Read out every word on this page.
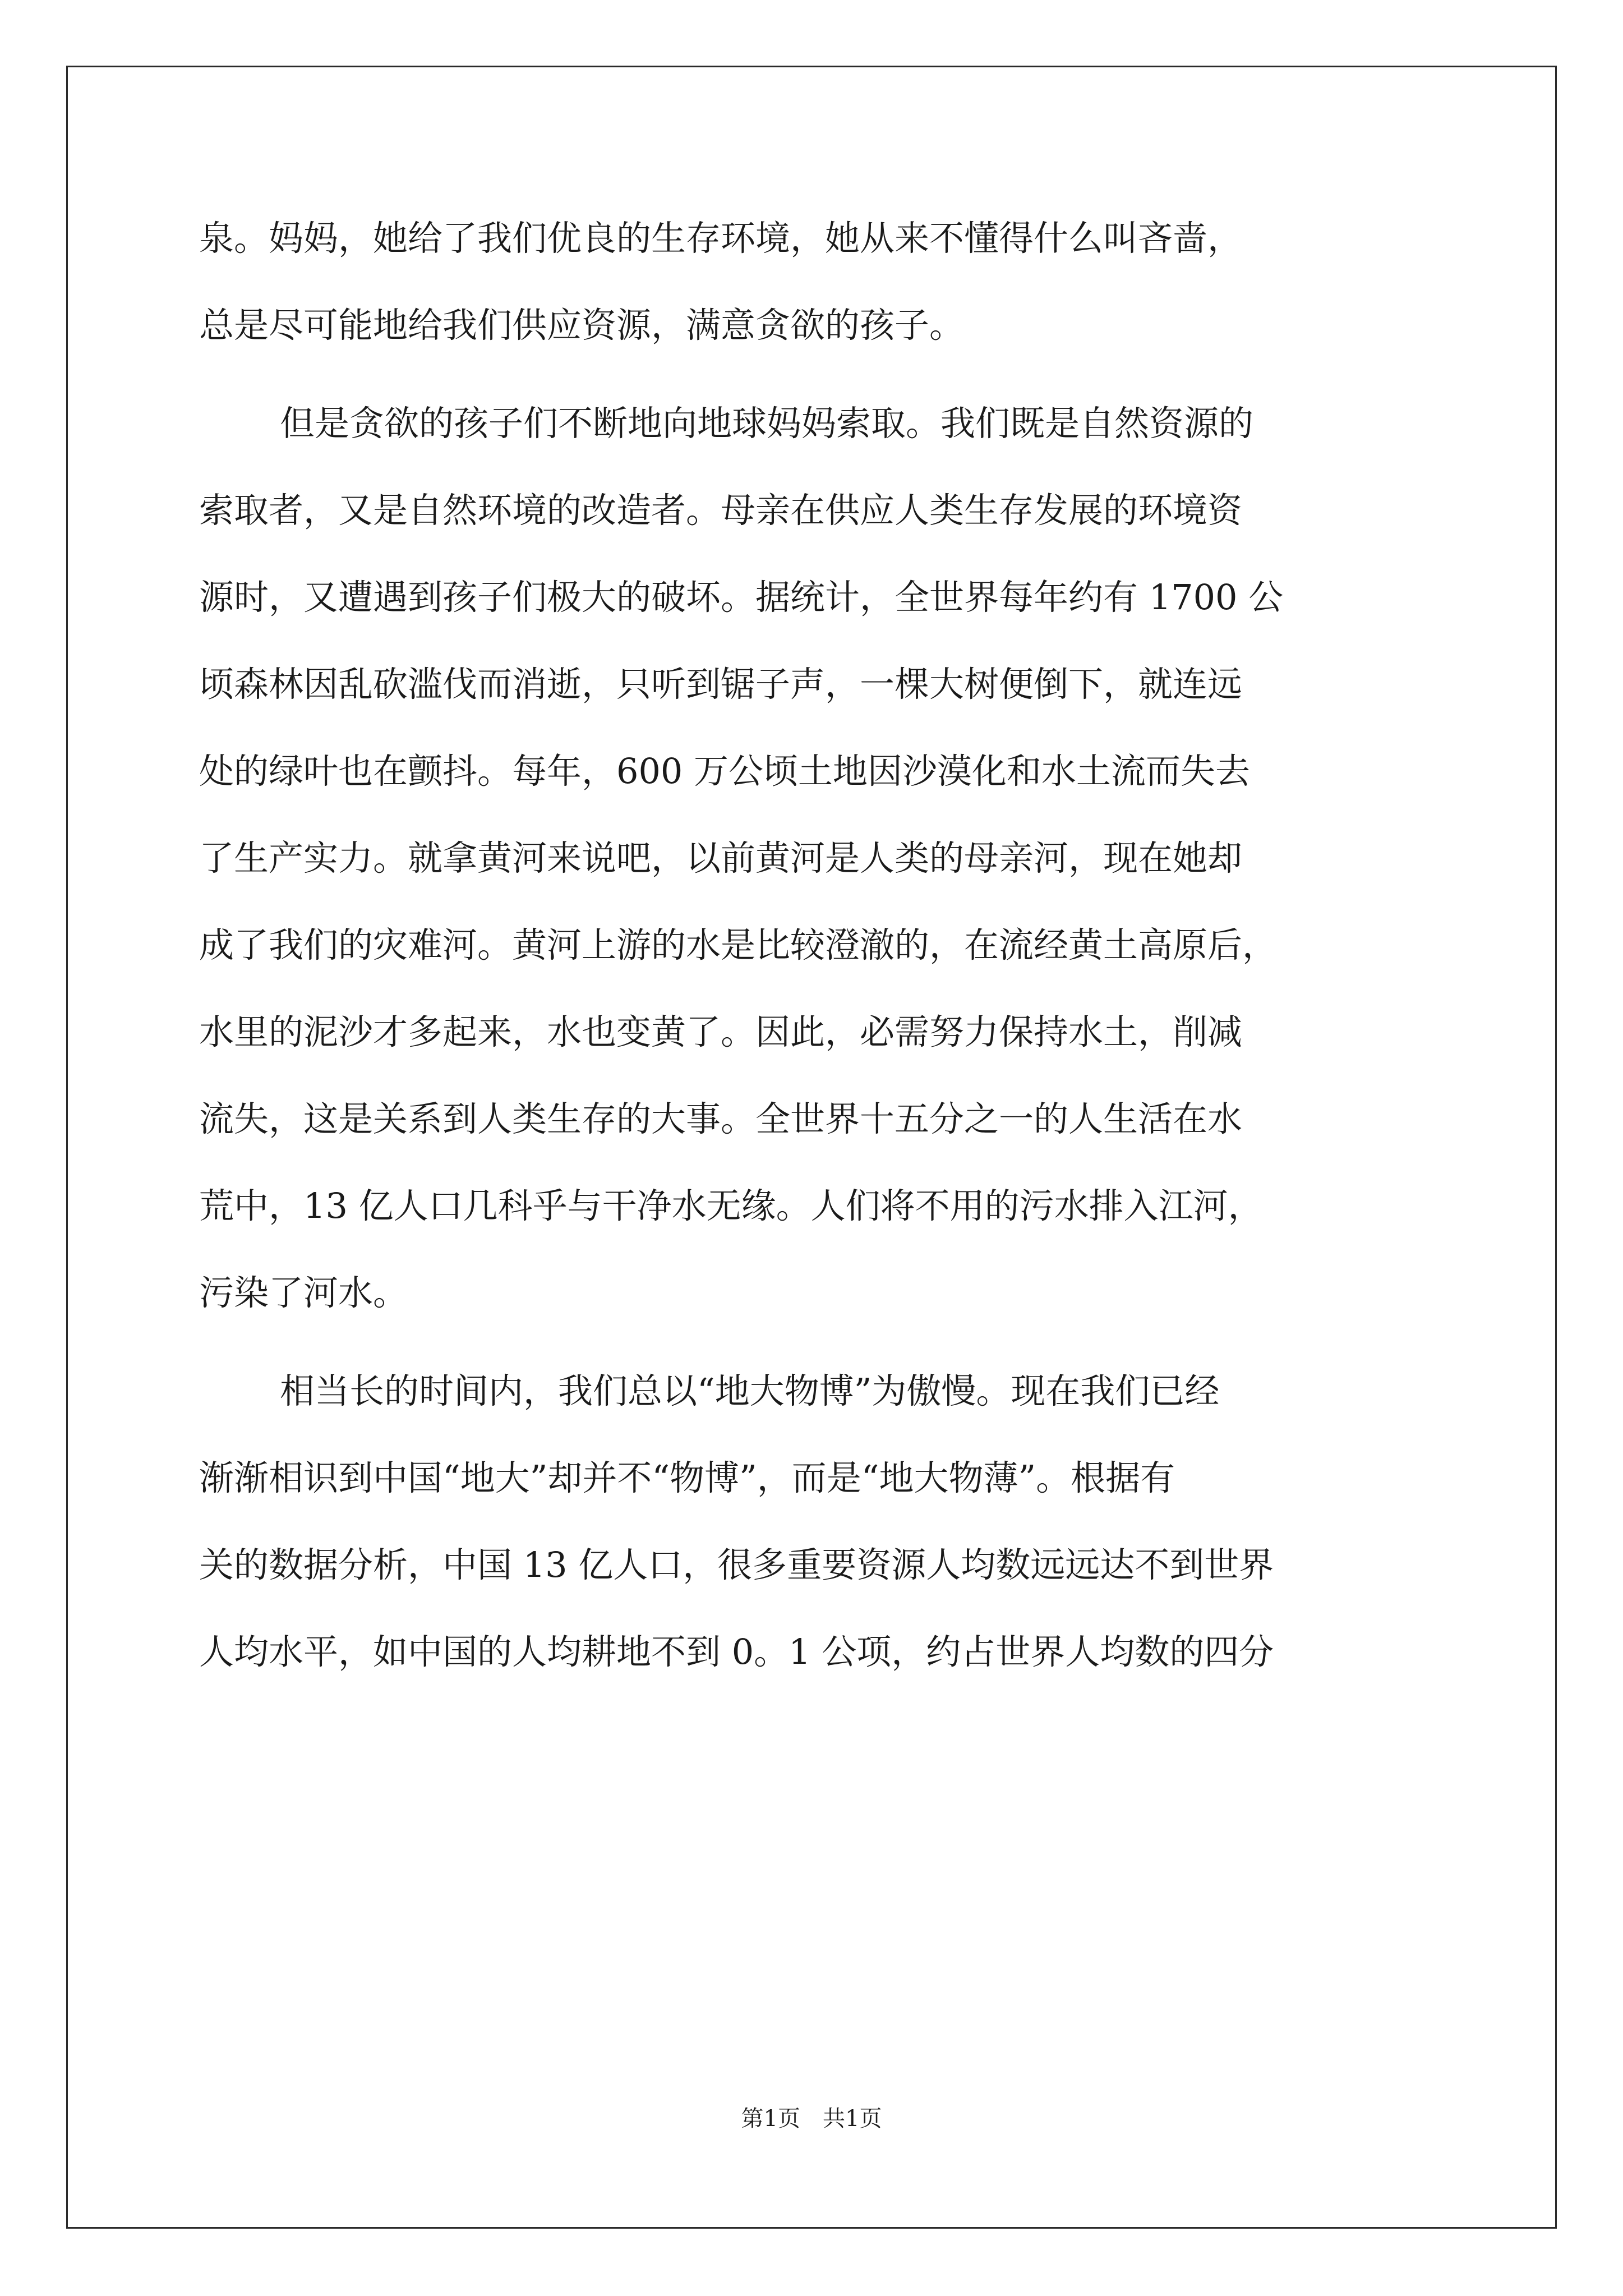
泉。妈妈，她给了我们优良的生存环境，她从来不懂得什么叫吝啬，
总是尽可能地给我们供应资源，满意贪欲的孩子。
但是贪欲的孩子们不断地向地球妈妈索取。我们既是自然资源的
索取者，又是自然环境的改造者。母亲在供应人类生存发展的环境资
源时，又遭遇到孩子们极大的破坏。据统计，全世界每年约有 1700 公
顷森林因乱砍滥伐而消逝，只听到锯子声，一棵大树便倒下，就连远
处的绿叶也在颤抖。每年，600 万公顷土地因沙漠化和水土流而失去
了生产实力。就拿黄河来说吧，以前黄河是人类的母亲河，现在她却
成了我们的灾难河。黄河上游的水是比较澄澈的，在流经黄土高原后，
水里的泥沙才多起来，水也变黄了。因此，必需努力保持水土，削减
流失，这是关系到人类生存的大事。全世界十五分之一的人生活在水
荒中，13 亿人口几科乎与干净水无缘。人们将不用的污水排入江河，
污染了河水。
相当长的时间内，我们总以“地大物博”为傲慢。现在我们已经
渐渐相识到中国“地大”却并不“物博”，而是“地大物薄”。根据有
关的数据分析，中国 13 亿人口，很多重要资源人均数远远达不到世界
人均水平，如中国的人均耕地不到 0。1 公项，约占世界人均数的四分
第1页　共1页
